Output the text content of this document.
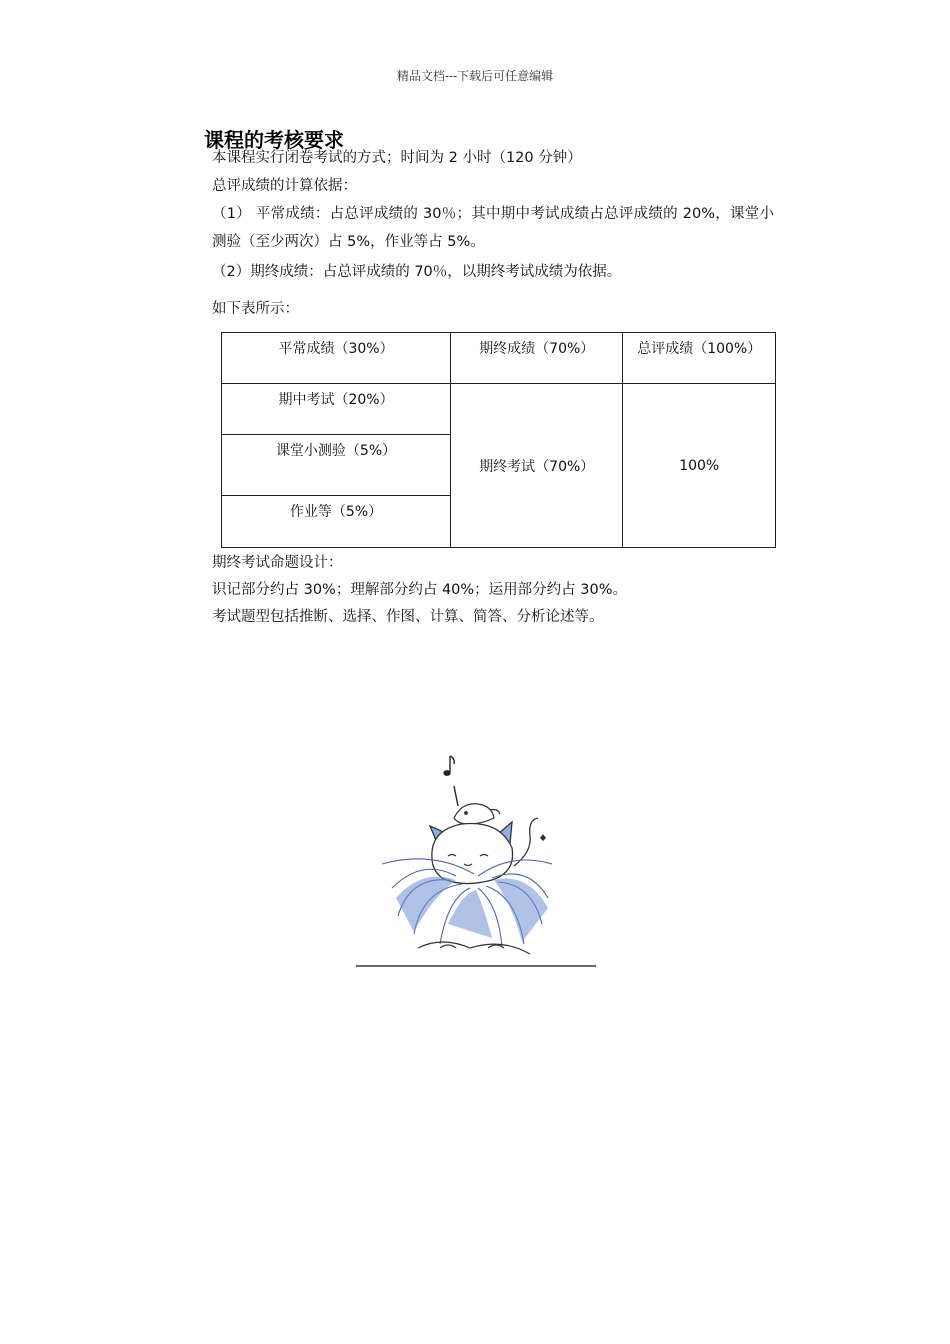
精品文档---下载后可任意编辑
课程的考核要求
本课程实行闭卷考试的方式；时间为 2 小时（120 分钟）
总评成绩的计算依据：
（1） 平常成绩：占总评成绩的 30％；其中期中考试成绩占总评成绩的 20%，课堂小测验（至少两次）占 5%，作业等占 5%。
（2）期终成绩：占总评成绩的 70％，以期终考试成绩为依据。
如下表所示：
平常成绩（30%）	期终成绩（70%）	总评成绩（100%）

期中考试（20%）	期终考试（70%）	100%

课堂小测验（5%）		

作业等（5%）		
期终考试命题设计：
识记部分约占 30%；理解部分约占 40%；运用部分约占 30%。
考试题型包括推断、选择、作图、计算、简答、分析论述等。
